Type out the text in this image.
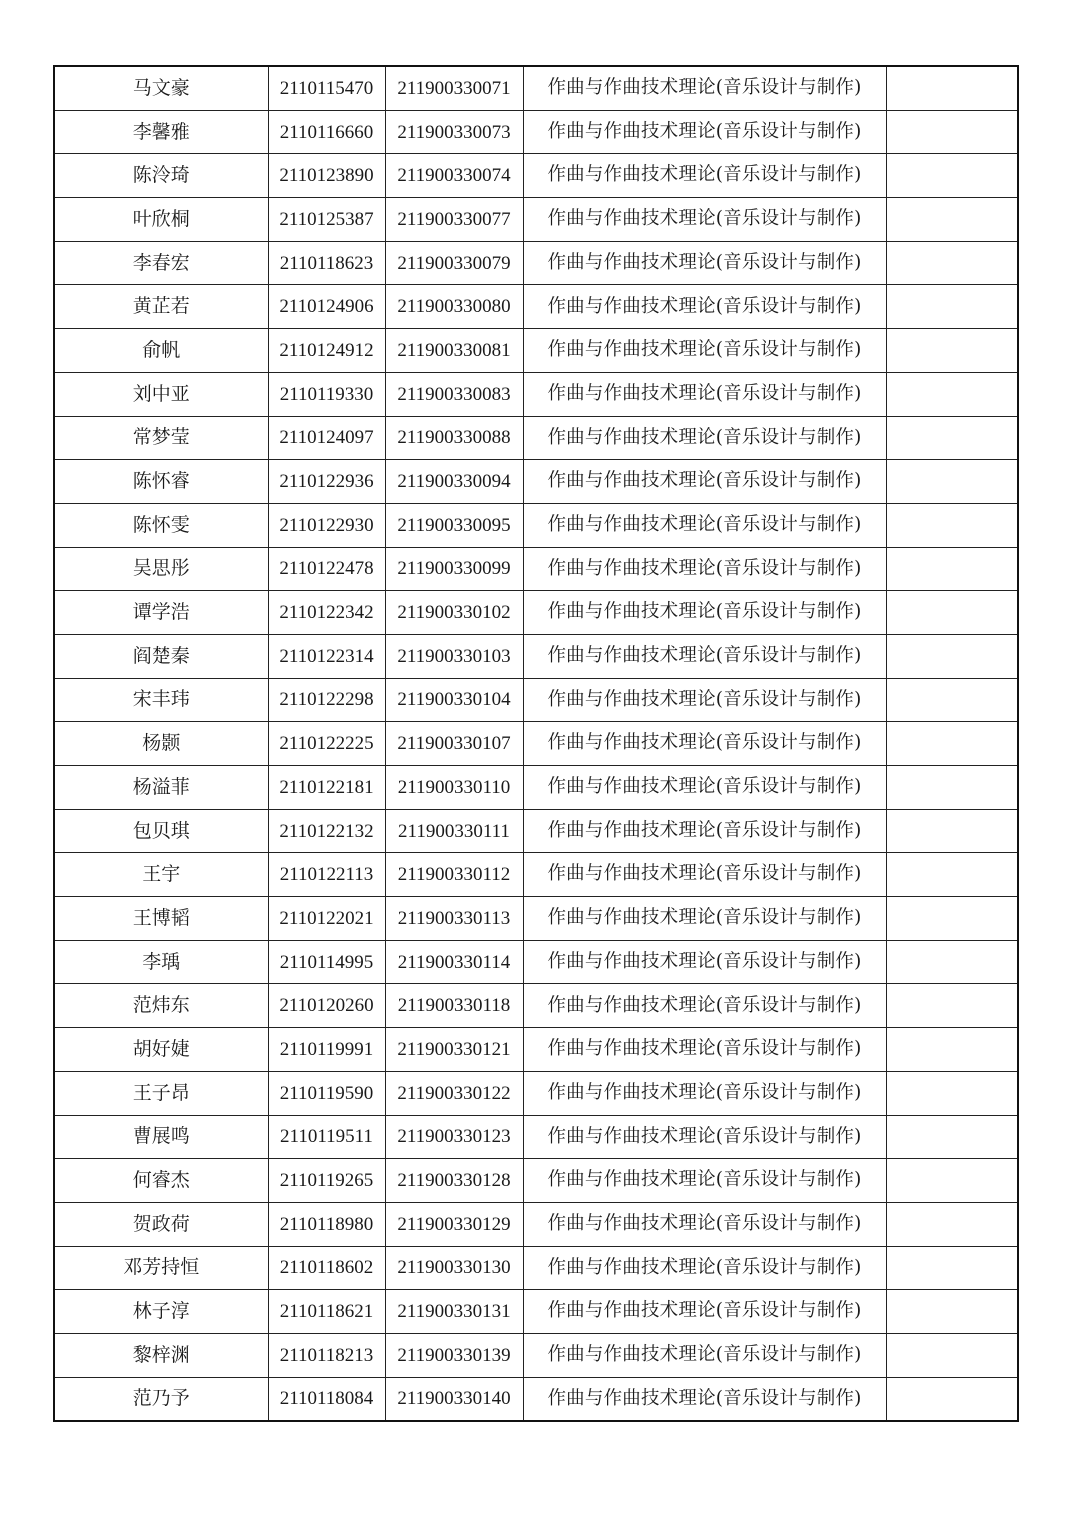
马文豪	2110115470	211900330071	作曲与作曲技术理论(音乐设计与制作)	
李馨雅	2110116660	211900330073	作曲与作曲技术理论(音乐设计与制作)	
陈泠琦	2110123890	211900330074	作曲与作曲技术理论(音乐设计与制作)	
叶欣桐	2110125387	211900330077	作曲与作曲技术理论(音乐设计与制作)	
李春宏	2110118623	211900330079	作曲与作曲技术理论(音乐设计与制作)	
黄芷若	2110124906	211900330080	作曲与作曲技术理论(音乐设计与制作)	
俞帆	2110124912	211900330081	作曲与作曲技术理论(音乐设计与制作)	
刘中亚	2110119330	211900330083	作曲与作曲技术理论(音乐设计与制作)	
常梦莹	2110124097	211900330088	作曲与作曲技术理论(音乐设计与制作)	
陈怀睿	2110122936	211900330094	作曲与作曲技术理论(音乐设计与制作)	
陈怀雯	2110122930	211900330095	作曲与作曲技术理论(音乐设计与制作)	
吴思彤	2110122478	211900330099	作曲与作曲技术理论(音乐设计与制作)	
谭学浩	2110122342	211900330102	作曲与作曲技术理论(音乐设计与制作)	
阎楚秦	2110122314	211900330103	作曲与作曲技术理论(音乐设计与制作)	
宋丰玮	2110122298	211900330104	作曲与作曲技术理论(音乐设计与制作)	
杨颢	2110122225	211900330107	作曲与作曲技术理论(音乐设计与制作)	
杨溢菲	2110122181	211900330110	作曲与作曲技术理论(音乐设计与制作)	
包贝琪	2110122132	211900330111	作曲与作曲技术理论(音乐设计与制作)	
王宇	2110122113	211900330112	作曲与作曲技术理论(音乐设计与制作)	
王博韬	2110122021	211900330113	作曲与作曲技术理论(音乐设计与制作)	
李瑀	2110114995	211900330114	作曲与作曲技术理论(音乐设计与制作)	
范炜东	2110120260	211900330118	作曲与作曲技术理论(音乐设计与制作)	
胡好婕	2110119991	211900330121	作曲与作曲技术理论(音乐设计与制作)	
王子昂	2110119590	211900330122	作曲与作曲技术理论(音乐设计与制作)	
曹展鸣	2110119511	211900330123	作曲与作曲技术理论(音乐设计与制作)	
何睿杰	2110119265	211900330128	作曲与作曲技术理论(音乐设计与制作)	
贺政荷	2110118980	211900330129	作曲与作曲技术理论(音乐设计与制作)	
邓芳持恒	2110118602	211900330130	作曲与作曲技术理论(音乐设计与制作)	
林子淳	2110118621	211900330131	作曲与作曲技术理论(音乐设计与制作)	
黎梓渊	2110118213	211900330139	作曲与作曲技术理论(音乐设计与制作)	
范乃予	2110118084	211900330140	作曲与作曲技术理论(音乐设计与制作)	
